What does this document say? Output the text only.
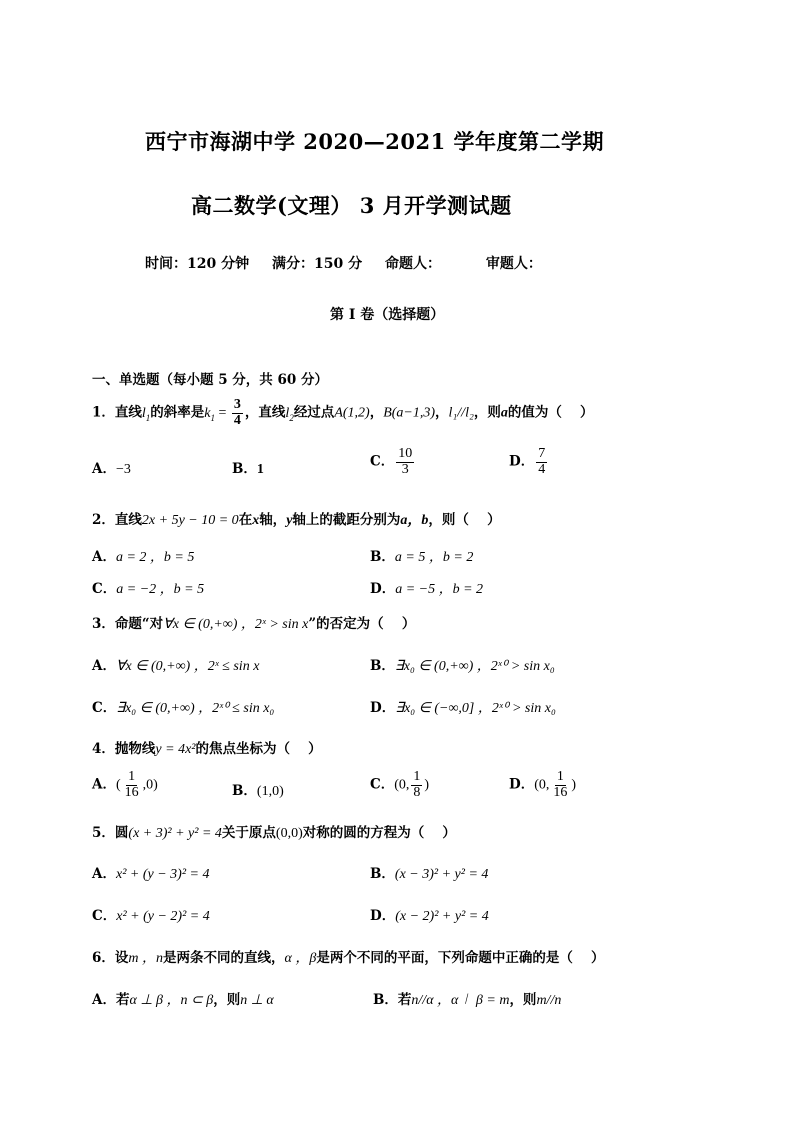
西宁市海湖中学 2020—2021 学年度第二学期
高二数学(文理） 3 月开学测试题
时间：120 分钟 满分：150 分 命题人：	审题人：
第 I 卷（选择题）
一、单选题（每小题 5 分，共 60 分）
1．直线$l_1$的斜率是$k_1 = \frac{3}{4}$ ，直线$l_2$经过点A(1,2)，B(a−1,3)，l₁//l₂，则a的值为（　 ）
A．−3	B．1	C． $\frac{10}{3}$	D． $\frac{7}{4}$
2．直线2x + 5y − 10 = 0在x轴，y轴上的截距分别为a，b，则（　 ）
A．a = 2 ，b = 5	B．a = 5 ，b = 2
C．a = −2 ，b = 5	D．a = −5 ，b = 2
3．命题“对∀x ∈ (0,+∞) ，2ˣ > sin x”的否定为（　 ）
A．∀x ∈ (0,+∞) ，2ˣ ≤ sin x	B．∃x₀ ∈ (0,+∞) ，2ˣ⁰ > sin x₀
C．∃x₀ ∈ (0,+∞) ，2ˣ⁰ ≤ sin x₀	D．∃x₀ ∈ (−∞,0] ，2ˣ⁰ > sin x₀
4．抛物线y = 4x²的焦点坐标为（　 ）
A．( $\frac{1}{16} ,0$)	B．(1,0)	C．(0, $\frac{1}{8}$ )	D．(0, $\frac{1}{16}$ )
5．圆(x + 3)² + y² = 4关于原点(0,0)对称的圆的方程为（　 ）
A．x² + (y − 3)² = 4	B．(x − 3)² + y² = 4
C．x² + (y − 2)² = 4	D．(x − 2)² + y² = 4
6．设m ，n是两条不同的直线，α ，β是两个不同的平面，下列命题中正确的是（　 ）
A．若α ⊥ β ，n ⊂ β，则n ⊥ α	B．若n//α ，α∣ β = m，则m//n
